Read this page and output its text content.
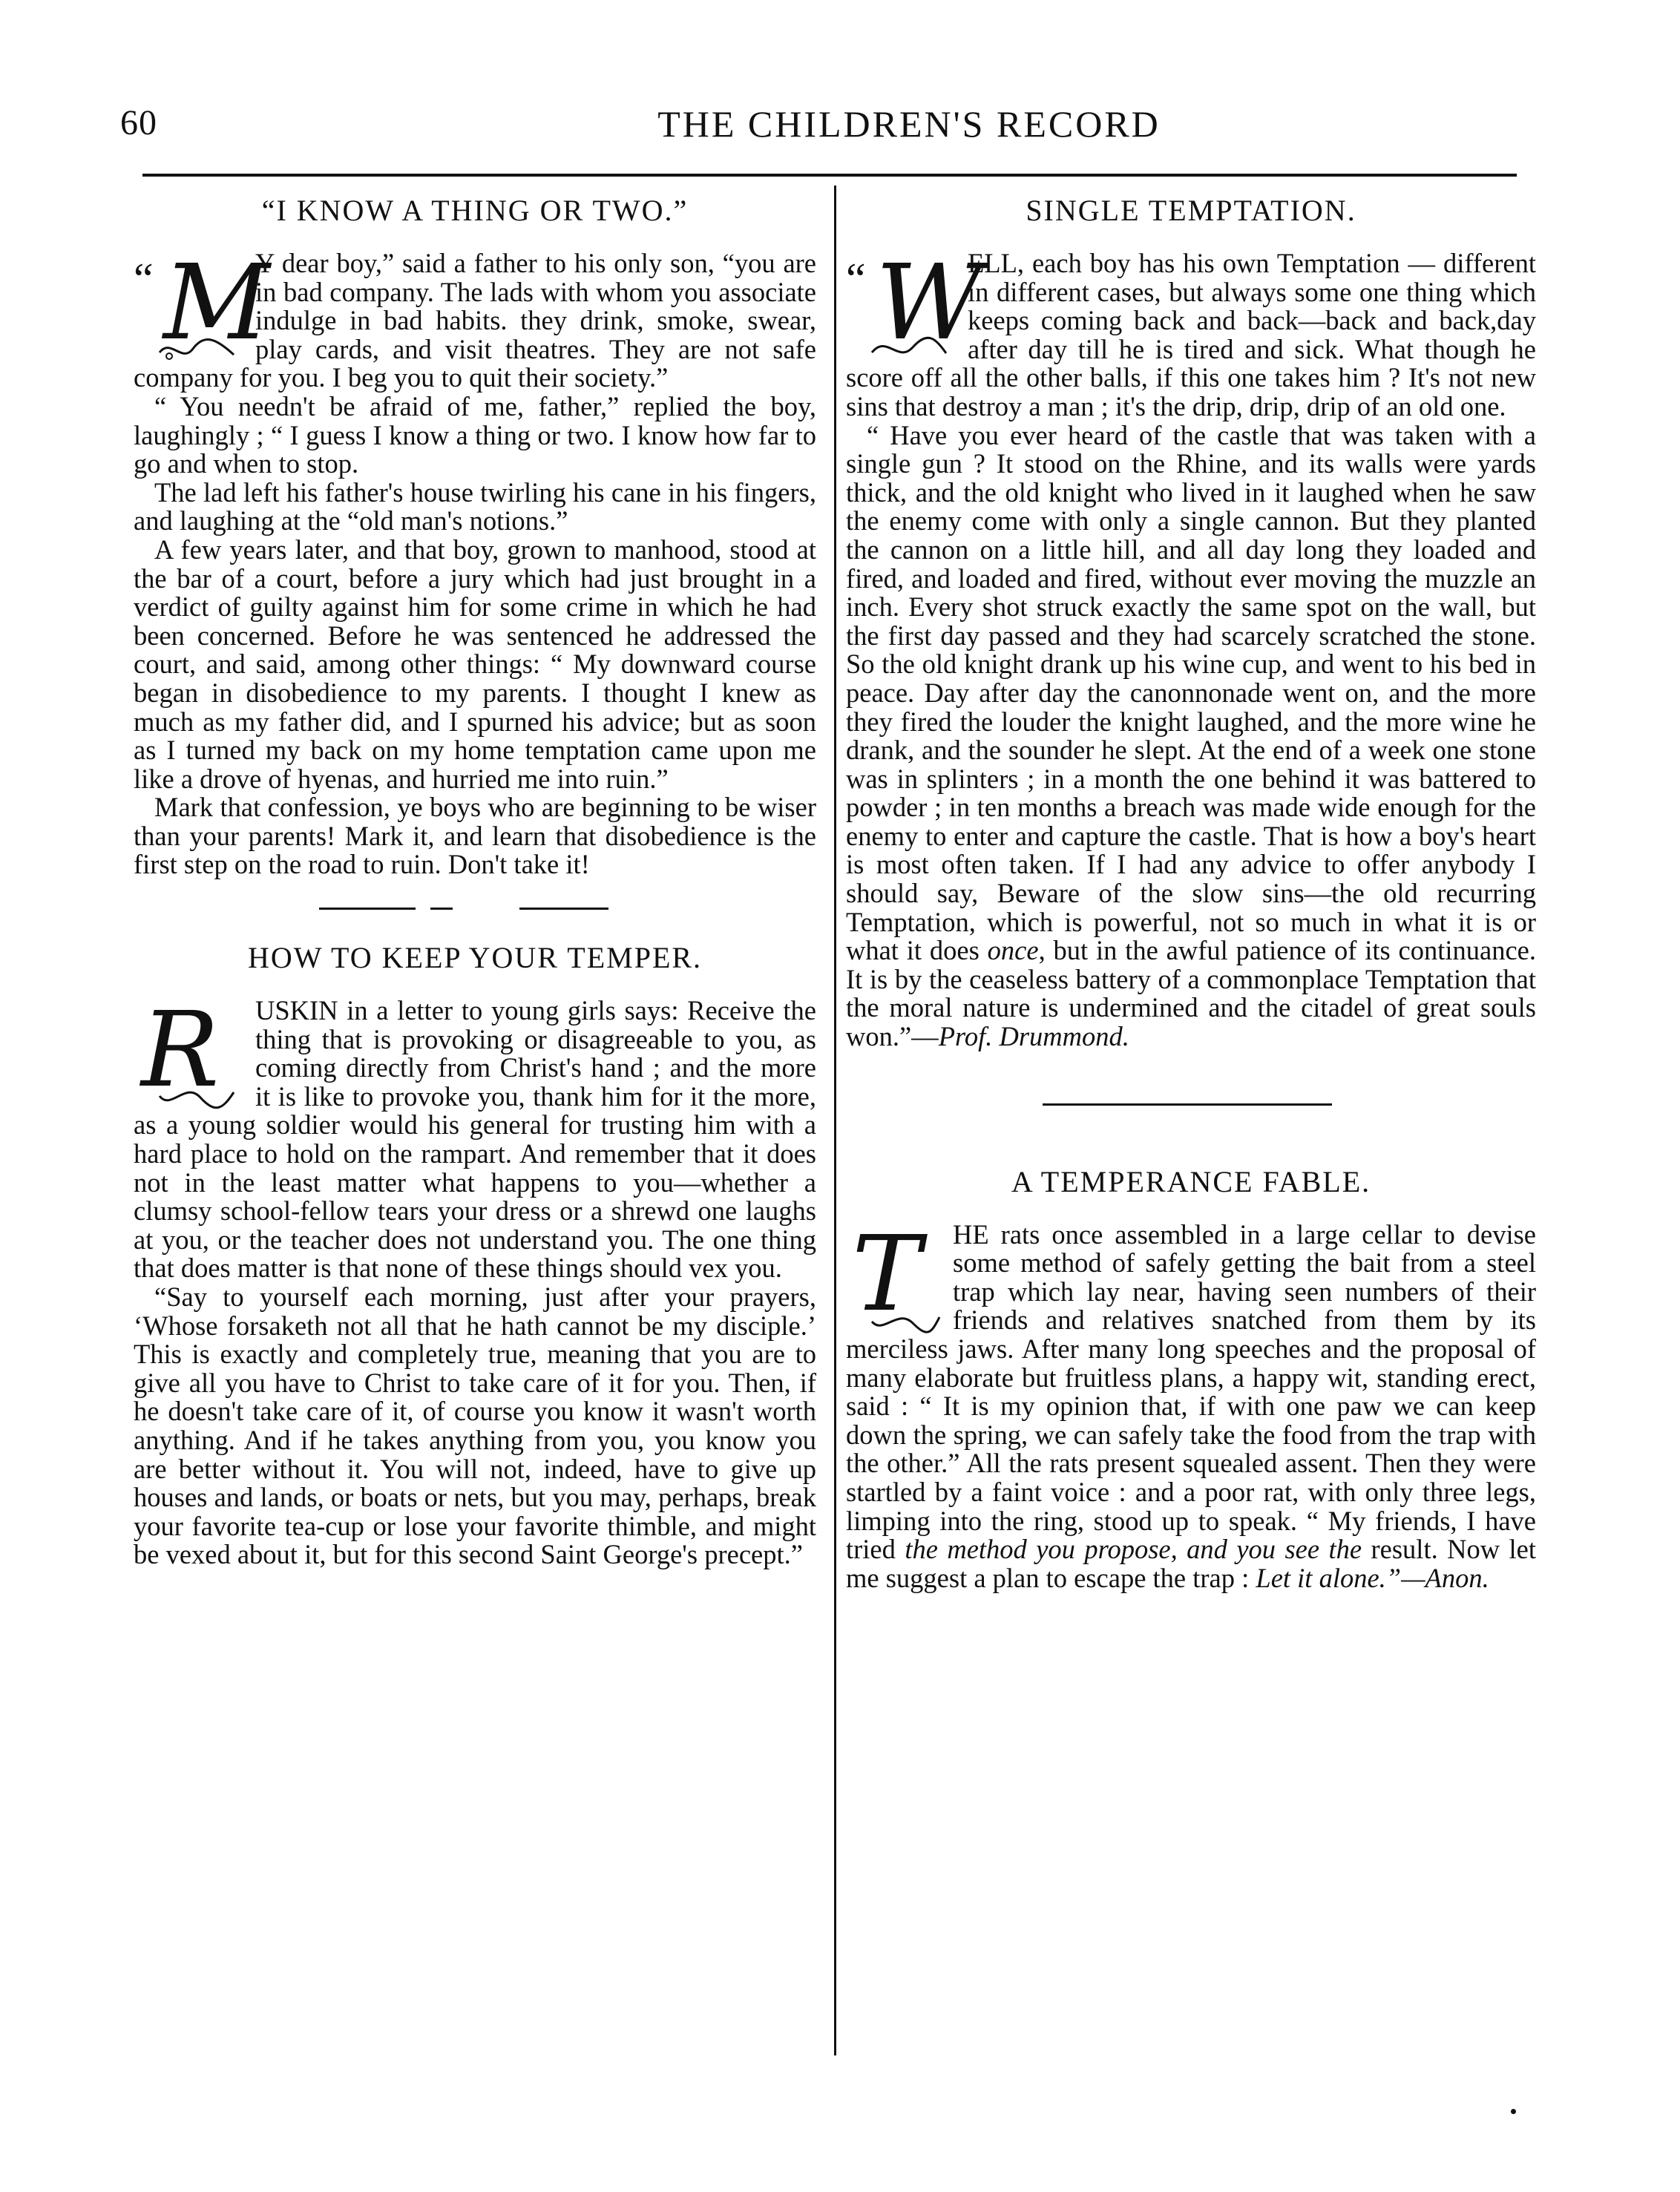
60	THE CHILDREN'S RECORD
“I KNOW A THING OR TWO.”

“ M
Y dear boy,” said a father to his only son, “you are in bad company. The lads with whom you associate indulge in bad habits. they drink, smoke, swear, play cards, and visit theatres. They are not safe company for you. I beg you to quit their society.”

“ You needn't be afraid of me, father,” replied the boy, laughingly ; “ I guess I know a thing or two. I know how far to go and when to stop.

The lad left his father's house twirling his cane in his fingers, and laughing at the “old man's notions.”

A few years later, and that boy, grown to manhood, stood at the bar of a court, before a jury which had just brought in a verdict of guilty against him for some crime in which he had been concerned. Before he was sentenced he addressed the court, and said, among other things: “ My downward course began in disobedience to my parents. I thought I knew as much as my father did, and I spurned his advice; but as soon as I turned my back on my home temptation came upon me like a drove of hyenas, and hurried me into ruin.”

Mark that confession, ye boys who are beginning to be wiser than your parents! Mark it, and learn that disobedience is the first step on the road to ruin. Don't take it!

HOW TO KEEP YOUR TEMPER.

R USKIN in a letter to young girls says: Receive the thing that is provoking or disagreeable to you, as coming directly from Christ's hand ; and the more it is like to provoke you, thank him for it the more, as a young soldier would his general for trusting him with a hard place to hold on the rampart. And remember that it does not in the least matter what happens to you—whether a clumsy school-fellow tears your dress or a shrewd one laughs at you, or the teacher does not understand you. The one thing that does matter is that none of these things should vex you.

“Say to yourself each morning, just after your prayers, ‘Whose forsaketh not all that he hath cannot be my disciple.’ This is exactly and completely true, meaning that you are to give all you have to Christ to take care of it for you. Then, if he doesn't take care of it, of course you know it wasn't worth anything. And if he takes anything from you, you know you are better without it. You will not, indeed, have to give up houses and lands, or boats or nets, but you may, perhaps, break your favorite tea-cup or lose your favorite thimble, and might be vexed about it, but for this second Saint George's precept.”

SINGLE TEMPTATION.

“ W
ELL, each boy has his own Temptation — different in different cases, but always some one thing which keeps coming back and back—back and back,day after day till he is tired and sick. What though he score off all the other balls, if this one takes him ? It's not new sins that destroy a man ; it's the drip, drip, drip of an old one.

“ Have you ever heard of the castle that was taken with a single gun ? It stood on the Rhine, and its walls were yards thick, and the old knight who lived in it laughed when he saw the enemy come with only a single cannon. But they planted the cannon on a little hill, and all day long they loaded and fired, and loaded and fired, without ever moving the muzzle an inch. Every shot struck exactly the same spot on the wall, but the first day passed and they had scarcely scratched the stone. So the old knight drank up his wine cup, and went to his bed in peace. Day after day the canonnonade went on, and the more they fired the louder the knight laughed, and the more wine he drank, and the sounder he slept. At the end of a week one stone was in splinters ; in a month the one behind it was battered to powder ; in ten months a breach was made wide enough for the enemy to enter and capture the castle. That is how a boy's heart is most often taken. If I had any advice to offer anybody I should say, Beware of the slow sins—the old recurring Temptation, which is powerful, not so much in what it is or what it does once, but in the awful patience of its continuance. It is by the ceaseless battery of a commonplace Temptation that the moral nature is undermined and the citadel of great souls won.”—Prof. Drummond.

A TEMPERANCE FABLE.

T HE rats once assembled in a large cellar to devise some method of safely getting the bait from a steel trap which lay near, having seen numbers of their friends and relatives snatched from them by its merciless jaws. After many long speeches and the proposal of many elaborate but fruitless plans, a happy wit, standing erect, said : “ It is my opinion that, if with one paw we can keep down the spring, we can safely take the food from the trap with the other.” All the rats present squealed assent. Then they were startled by a faint voice : and a poor rat, with only three legs, limping into the ring, stood up to speak. “ My friends, I have tried the method you propose, and you see the result. Now let me suggest a plan to escape the trap : Let it alone.”—Anon.
